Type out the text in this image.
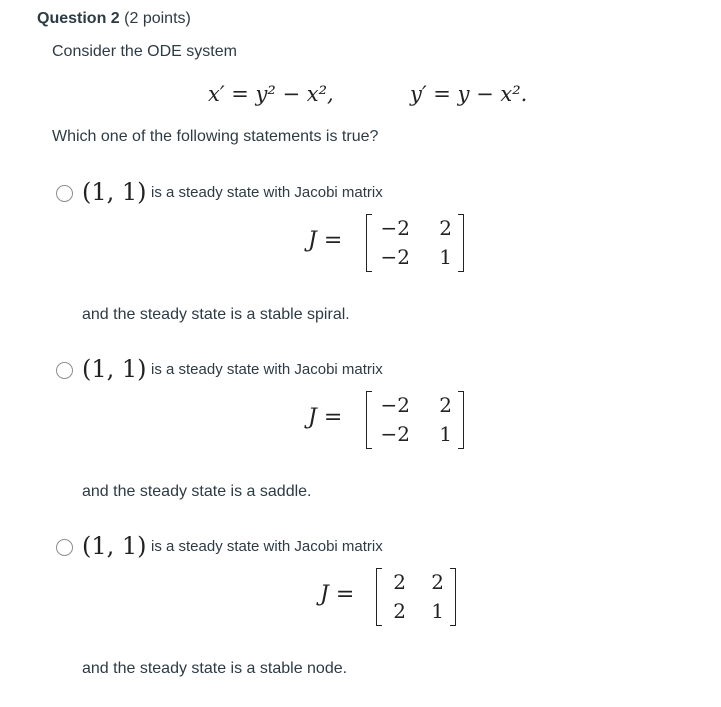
Question 2 (2 points)
Consider the ODE system
x′ = y² − x²,	y′ = y − x².
Which one of the following statements is true?
(1, 1) is a steady state with Jacobi matrix
J = −2 2
−2 1
and the steady state is a stable spiral.
(1, 1) is a steady state with Jacobi matrix
J = −2 2
−2 1
and the steady state is a saddle.
(1, 1) is a steady state with Jacobi matrix
J = 2 2
2 1
and the steady state is a stable node.
